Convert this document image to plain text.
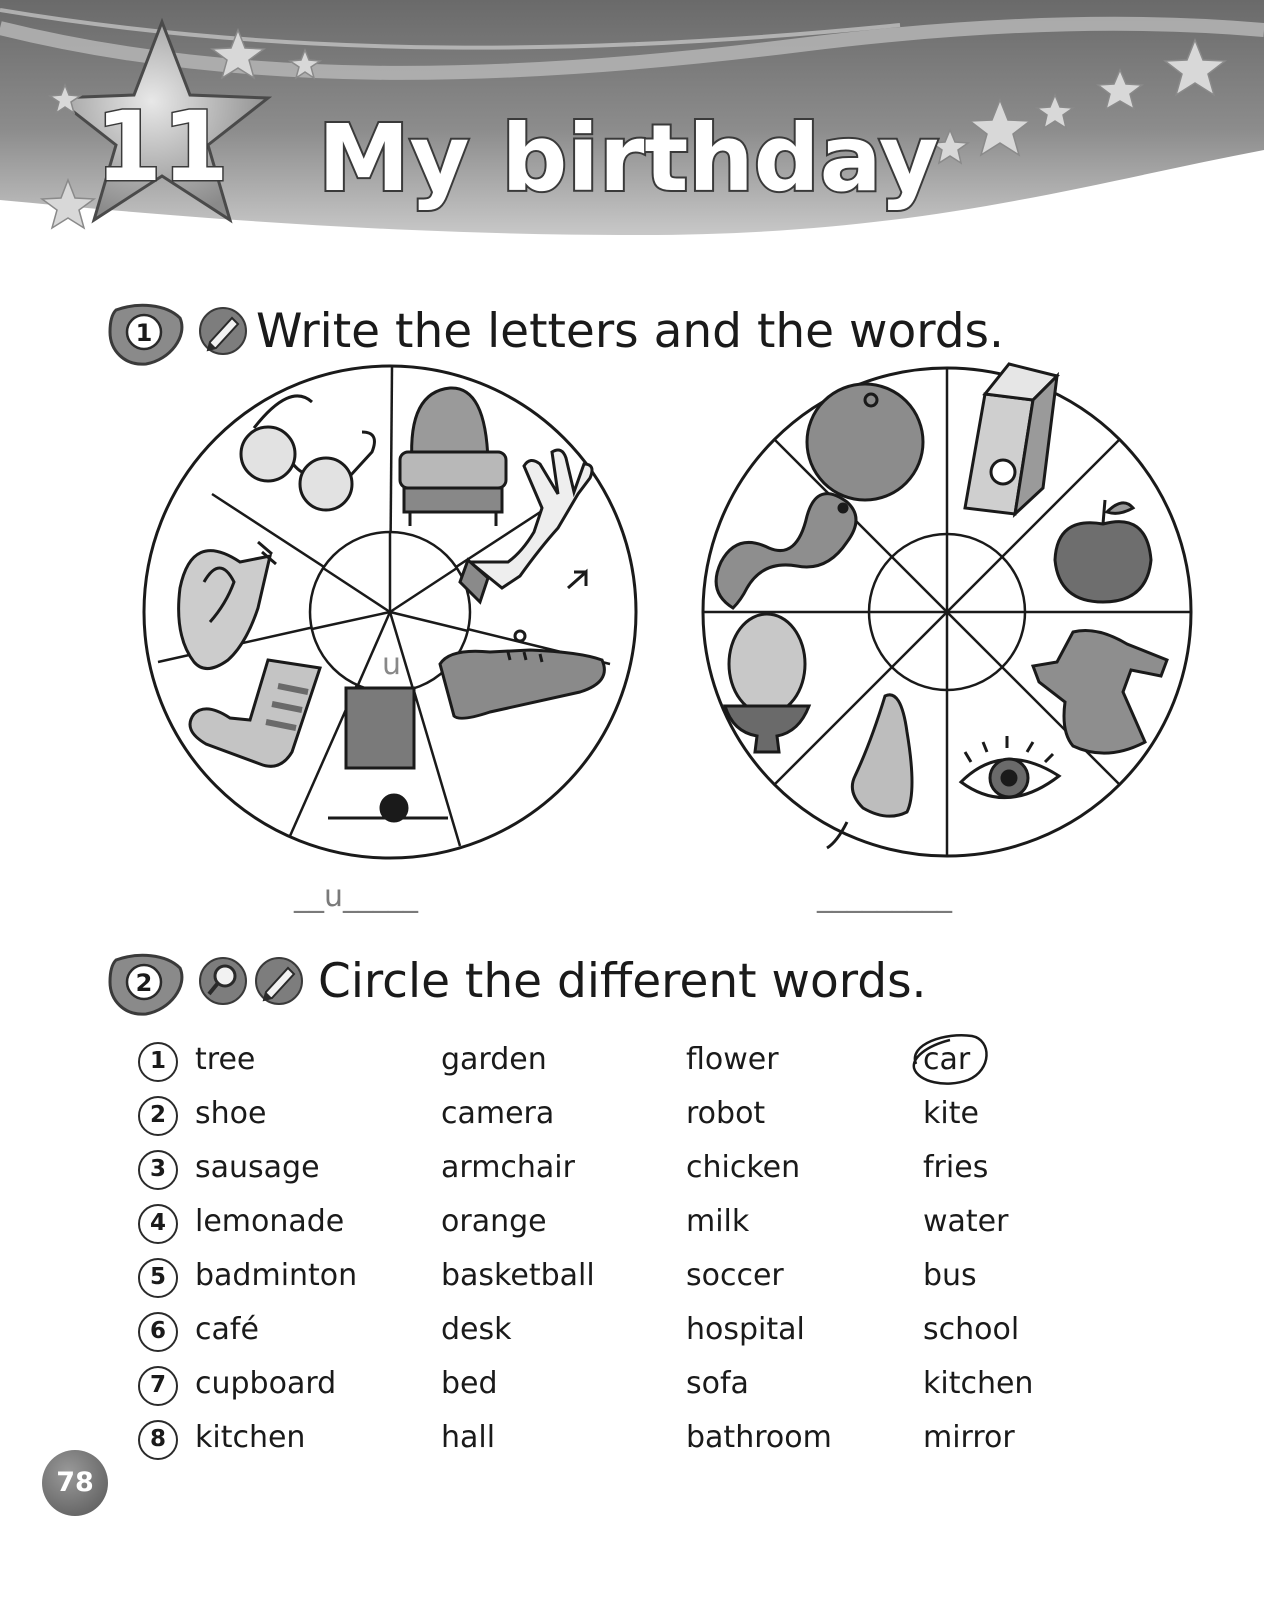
11 My birthday
1 Write the letters and the words.
u
__u_____	_________
2	Circle the different words.
1 tree	garden	flower	car
2 shoe	camera	robot	kite
3 sausage	armchair	chicken	fries
4 lemonade	orange	milk	water
5 badminton	basketball	soccer	bus
6 café	desk	hospital	school
7 cupboard	bed	sofa	kitchen
8 kitchen	hall	bathroom	mirror
78
